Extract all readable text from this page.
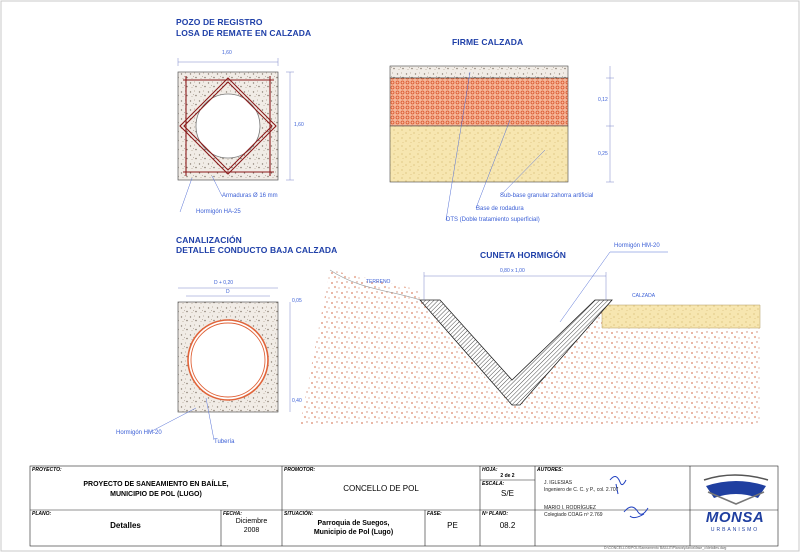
POZO DE REGISTRO
LOSA DE REMATE EN CALZADA
1,60
1,60
Armaduras Ø 16 mm
Hormigón HA-25
FIRME CALZADA
0,12
0,25
Sub-base granular zahorra artificial
Base de rodadura
DTS (Doble tratamiento superficial)
CANALIZACIÓN
DETALLE CONDUCTO BAJA CALZADA
D + 0,20
D
0,05
0,40
Hormigón HM-20
Tubería
CUNETA HORMIGÓN
Hormigón HM-20
0,80 x 1,00
TERRENO
CALZADA
PROYECTO:
PROYECTO DE SANEAMIENTO EN BAÍLLE,
MUNICIPIO DE POL (LUGO)
PROMOTOR:
CONCELLO DE POL
HOJA:
2 de 2
ESCALA:
S/E
AUTORES:
J. IGLESIAS
Ingeniero de C. C. y P., col. 2.707
MARIO I. RODRÍGUEZ
Colegiado COAG nº 2.769
PLANO:
Detalles
FECHA:
Diciembre
2008
SITUACIÓN:
Parroquia de Suegos,
Municipio de Pol (Lugo)
FASE:
PE
Nº PLANO:
08.2	MONSA
URBANISMO
D:\CONCELLOS\POL\Saneamento BAILLE\Planos\planos\fase_c\detalles.dwg
